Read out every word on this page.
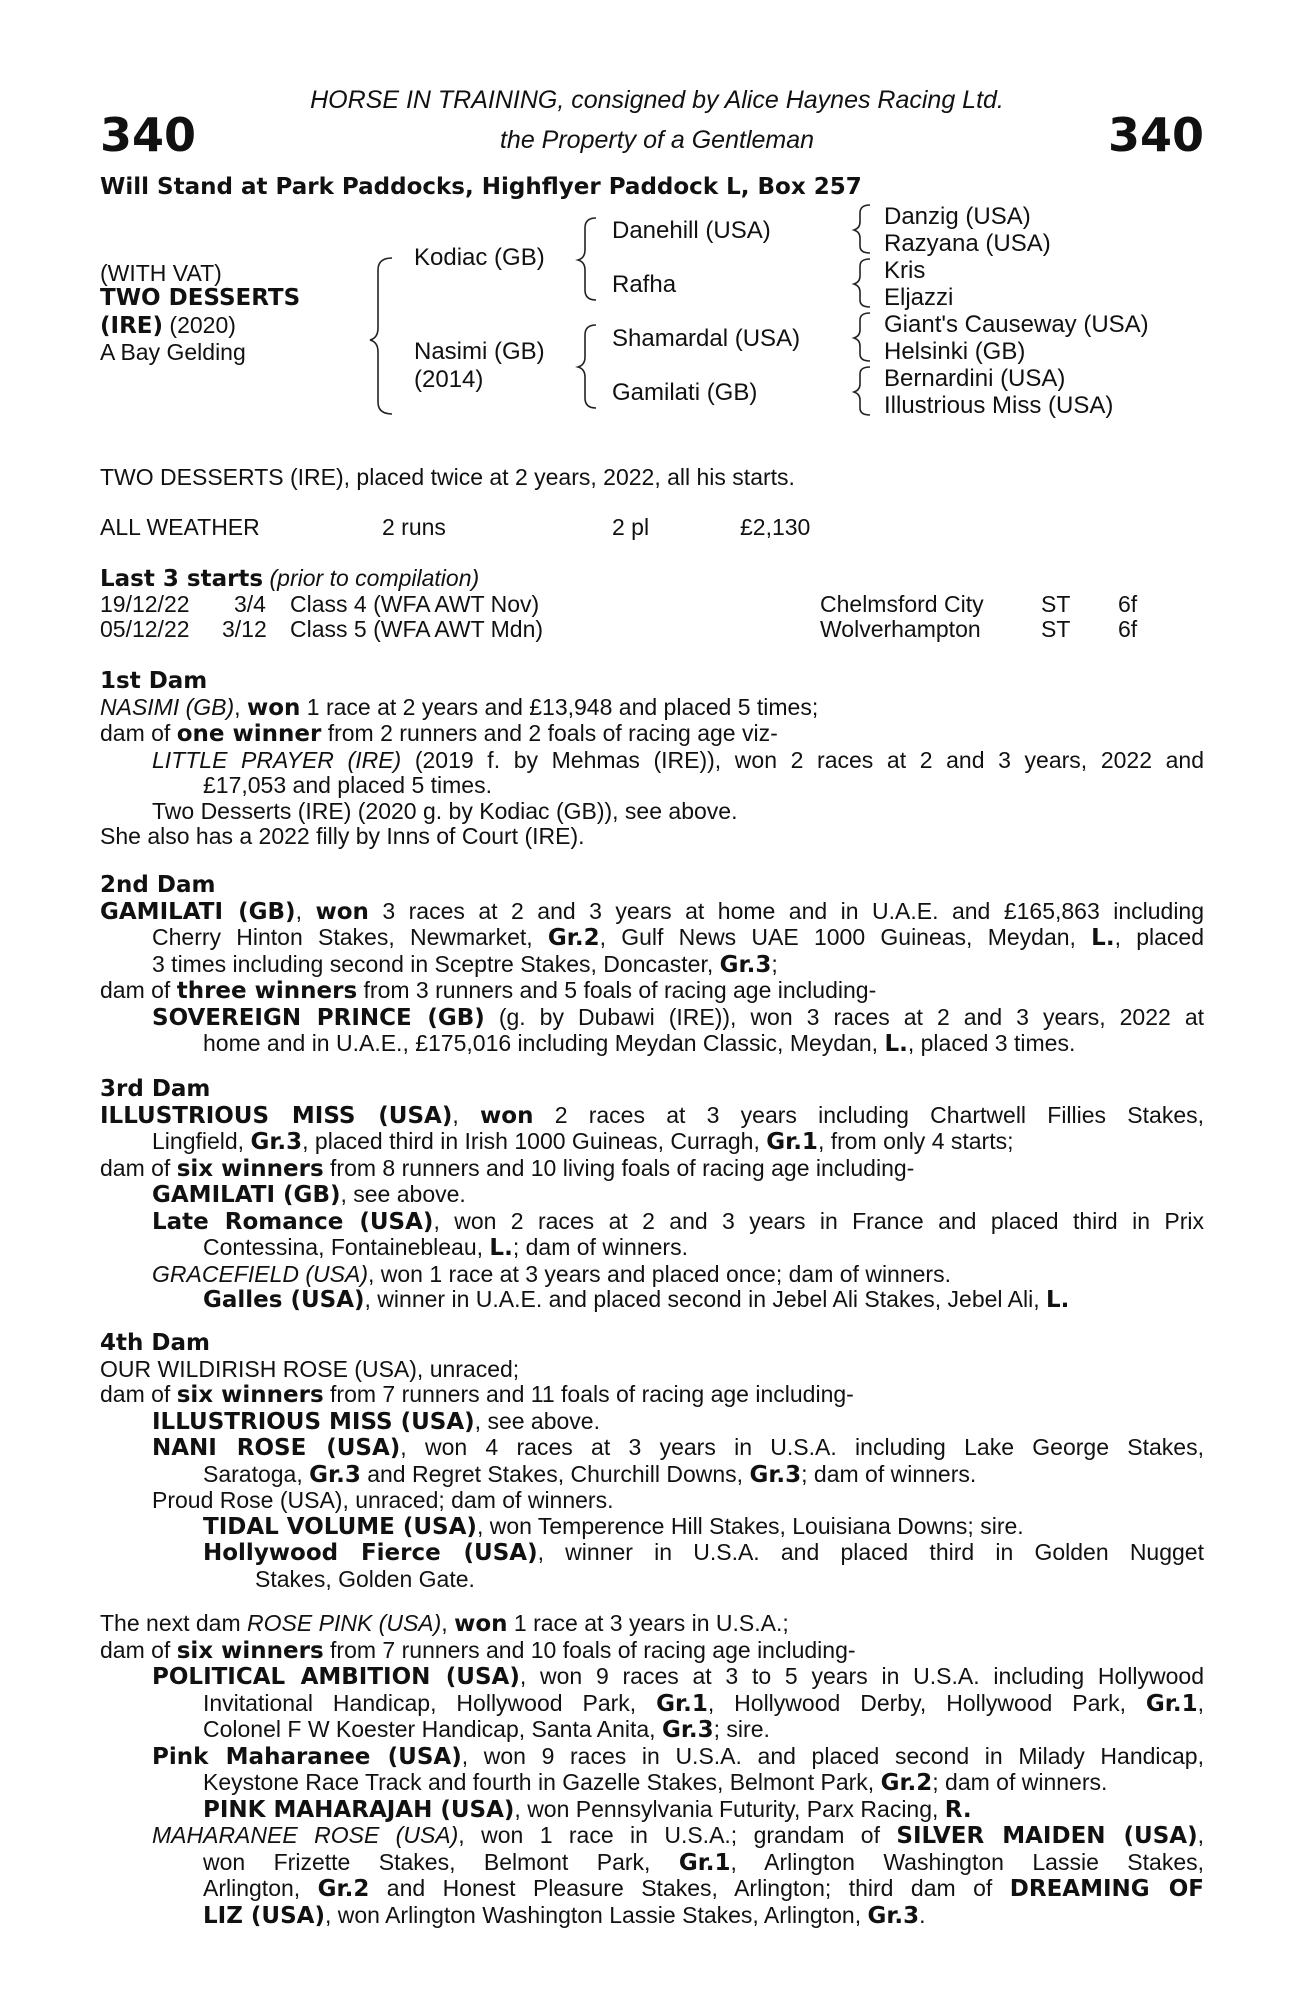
340	340
HORSE IN TRAINING, consigned by Alice Haynes Racing Ltd.
the Property of a Gentleman
Will Stand at Park Paddocks, Highflyer Paddock L, Box 257
(WITH VAT)
TWO DESSERTS
(IRE) (2020)
A Bay Gelding
Kodiac (GB)
Nasimi (GB)
(2014)
Danehill (USA)
Rafha
Shamardal (USA)
Gamilati (GB)
Danzig (USA)
Razyana (USA)
Kris
Eljazzi
Giant's Causeway (USA)
Helsinki (GB)
Bernardini (USA)
Illustrious Miss (USA)
TWO DESSERTS (IRE), placed twice at 2 years, 2022, all his starts.
ALL WEATHER	2 runs	2 pl	£2,130
Last 3 starts (prior to compilation)
19/12/22 3/4 Class 4 (WFA AWT Nov)	Chelmsford City ST 6f
05/12/22 3/12 Class 5 (WFA AWT Mdn)	Wolverhampton	ST 6f
1st Dam
NASIMI (GB), won 1 race at 2 years and £13,948 and placed 5 times;
dam of one winner from 2 runners and 2 foals of racing age viz-
LITTLE PRAYER (IRE) (2019 f. by Mehmas (IRE)), won 2 races at 2 and 3 years, 2022 and
£17,053 and placed 5 times.
Two Desserts (IRE) (2020 g. by Kodiac (GB)), see above.
She also has a 2022 filly by Inns of Court (IRE).
2nd Dam
GAMILATI (GB), won 3 races at 2 and 3 years at home and in U.A.E. and £165,863 including
Cherry Hinton Stakes, Newmarket, Gr.2, Gulf News UAE 1000 Guineas, Meydan, L., placed
3 times including second in Sceptre Stakes, Doncaster, Gr.3;
dam of three winners from 3 runners and 5 foals of racing age including-
SOVEREIGN PRINCE (GB) (g. by Dubawi (IRE)), won 3 races at 2 and 3 years, 2022 at
home and in U.A.E., £175,016 including Meydan Classic, Meydan, L., placed 3 times.
3rd Dam
ILLUSTRIOUS MISS (USA), won 2 races at 3 years including Chartwell Fillies Stakes,
Lingfield, Gr.3, placed third in Irish 1000 Guineas, Curragh, Gr.1, from only 4 starts;
dam of six winners from 8 runners and 10 living foals of racing age including-
GAMILATI (GB), see above.
Late Romance (USA), won 2 races at 2 and 3 years in France and placed third in Prix
Contessina, Fontainebleau, L.; dam of winners.
GRACEFIELD (USA), won 1 race at 3 years and placed once; dam of winners.
Galles (USA), winner in U.A.E. and placed second in Jebel Ali Stakes, Jebel Ali, L.
4th Dam
OUR WILDIRISH ROSE (USA), unraced;
dam of six winners from 7 runners and 11 foals of racing age including-
ILLUSTRIOUS MISS (USA), see above.
NANI ROSE (USA), won 4 races at 3 years in U.S.A. including Lake George Stakes,
Saratoga, Gr.3 and Regret Stakes, Churchill Downs, Gr.3; dam of winners.
Proud Rose (USA), unraced; dam of winners.
TIDAL VOLUME (USA), won Temperence Hill Stakes, Louisiana Downs; sire.
Hollywood Fierce (USA), winner in U.S.A. and placed third in Golden Nugget
Stakes, Golden Gate.
The next dam ROSE PINK (USA), won 1 race at 3 years in U.S.A.;
dam of six winners from 7 runners and 10 foals of racing age including-
POLITICAL AMBITION (USA), won 9 races at 3 to 5 years in U.S.A. including Hollywood
Invitational Handicap, Hollywood Park, Gr.1, Hollywood Derby, Hollywood Park, Gr.1,
Colonel F W Koester Handicap, Santa Anita, Gr.3; sire.
Pink Maharanee (USA), won 9 races in U.S.A. and placed second in Milady Handicap,
Keystone Race Track and fourth in Gazelle Stakes, Belmont Park, Gr.2; dam of winners.
PINK MAHARAJAH (USA), won Pennsylvania Futurity, Parx Racing, R.
MAHARANEE ROSE (USA), won 1 race in U.S.A.; grandam of SILVER MAIDEN (USA),
won Frizette Stakes, Belmont Park, Gr.1, Arlington Washington Lassie Stakes,
Arlington, Gr.2 and Honest Pleasure Stakes, Arlington; third dam of DREAMING OF
LIZ (USA), won Arlington Washington Lassie Stakes, Arlington, Gr.3.
